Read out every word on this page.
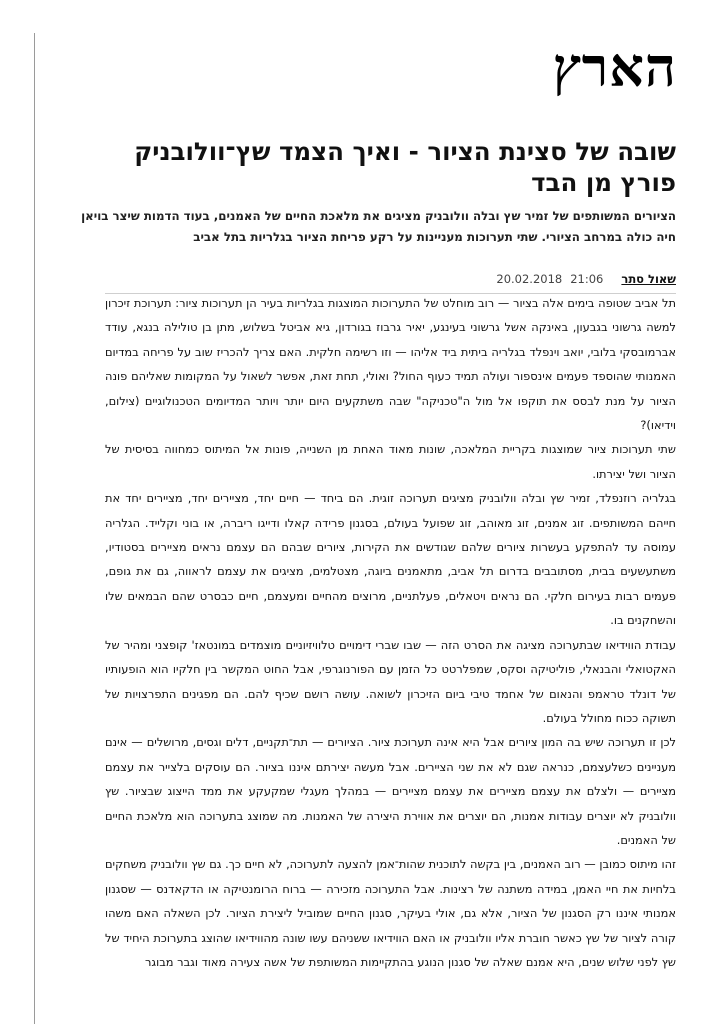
הארץ
שובה של סצינת הציור - ואיך הצמד שץ־וולובניק פורץ מן הבד

הציורים המשותפים של זמיר שץ ובלה וולובניק מציגים את מלאכת החיים של האמנים, בעוד הדמות שיצר בויאן חיה כולה במרחב הציורי. שתי תערוכות מעניינות על רקע פריחת הציור בגלריות בתל אביב

שאול סתר
20.02.2018 21:06

תל אביב שטופה בימים אלה בציור — רוב מוחלט של התערוכות המוצגות בגלריות בעיר הן תערוכות ציור: תערוכת זיכרון למשה גרשוני בגבעון, באינקה אשל גרשוני בעינגע, יאיר גרבוז בגורדון, גיא אביטל בשלוש, מתן בן טולילה בנגא, עודד אברמובסקי בלובי, יואב וינפלד בגלריה ביתית ביד אליהו — וזו רשימה חלקית. האם צריך להכריז שוב על פריחה במדיום האמנותי שהוספד פעמים אינספור ועולה תמיד כעוף החול? ואולי, תחת זאת, אפשר לשאול על המקומות שאליהם פונה הציור על מנת לבסס את תוקפו אל מול ה"טכניקה" שבה משתקעים היום יותר ויותר המדיומים הטכנולוגיים (צילום, וידיאו)?

שתי תערוכות ציור שמוצגות בקריית המלאכה, שונות מאוד האחת מן השנייה, פונות אל המיתוס כמחווה בסיסית של הציור ושל יצירתו.

בגלריה רוזנפלד, זמיר שץ ובלה וולובניק מציגים תערוכה זוגית. הם ביחד — חיים יחד, מציירים יחד, מציירים יחד את חייהם המשותפים. זוג אמנים, זוג מאוהב, זוג שפועל בעולם, בסגנון פרידה קאלו ודייגו ריברה, או בוני וקלייד. הגלריה עמוסה עד להתפקע בעשרות ציורים שלהם שגודשים את הקירות, ציורים שבהם הם עצמם נראים מציירים בסטודיו, משתעשעים בבית, מסתובבים בדרום תל אביב, מתאמנים ביוגה, מצטלמים, מציגים את עצמם לראווה, גם את גופם, פעמים רבות בעירום חלקי. הם נראים ויטאלים, פעלתניים, מרוצים מהחיים ומעצמם, חיים כבסרט שהם הבמאים שלו והשחקנים בו.

עבודת הווידיאו שבתערוכה מציגה את הסרט הזה — שבו שברי דימויים טלוויזיוניים מוצמדים במונטאז' קופצני ומהיר של האקטואלי והבנאלי, פוליטיקה וסקס, שמפלרטט כל הזמן עם הפורנוגרפי, אבל החוט המקשר בין חלקיו הוא הופעותיו של דונלד טראמפ והנאום של אחמד טיבי ביום הזיכרון לשואה. עושה רושם שכיף להם. הם מפגינים התפרצויות של תשוקה ככוח מחולל בעולם.

לכן זו תערוכה שיש בה המון ציורים אבל היא אינה תערוכת ציור. הציורים — תת־תקניים, דלים וגסים, מרושלים — אינם מעניינים כשלעצמם, כנראה שגם לא את שני הציירים. אבל מעשה יצירתם איננו בציור. הם עוסקים בלצייר את עצמם מציירים — ולצלם את עצמם מציירים את עצמם מציירים — במהלך מעגלי שמקעקע את ממד הייצוג שבציור. שץ וולובניק לא יוצרים עבודות אמנות, הם יוצרים את אווירת היצירה של האמנות. מה שמוצג בתערוכה הוא מלאכת החיים של האמנים.

זהו מיתוס כמובן — רוב האמנים, בין בקשה לתוכנית שהות־אמן להצעה לתערוכה, לא חיים כך. גם שץ וולובניק משחקים בלחיות את חיי האמן, במידה משתנה של רצינות. אבל התערוכה מזכירה — ברוח הרומנטיקה או הדקאדנס — שסגנון אמנותי איננו רק הסגנון של הציור, אלא גם, אולי בעיקר, סגנון החיים שמוביל ליצירת הציור. לכן השאלה האם משהו קורה לציור של שץ כאשר חוברת אליו וולובניק או האם הווידיאו ששניהם עשו שונה מהווידיאו שהוצג בתערוכת היחיד של שץ לפני שלוש שנים, היא אמנם שאלה של סגנון הנוגע בהתקיימות המשותפת של אשה צעירה מאוד וגבר מבוגר
